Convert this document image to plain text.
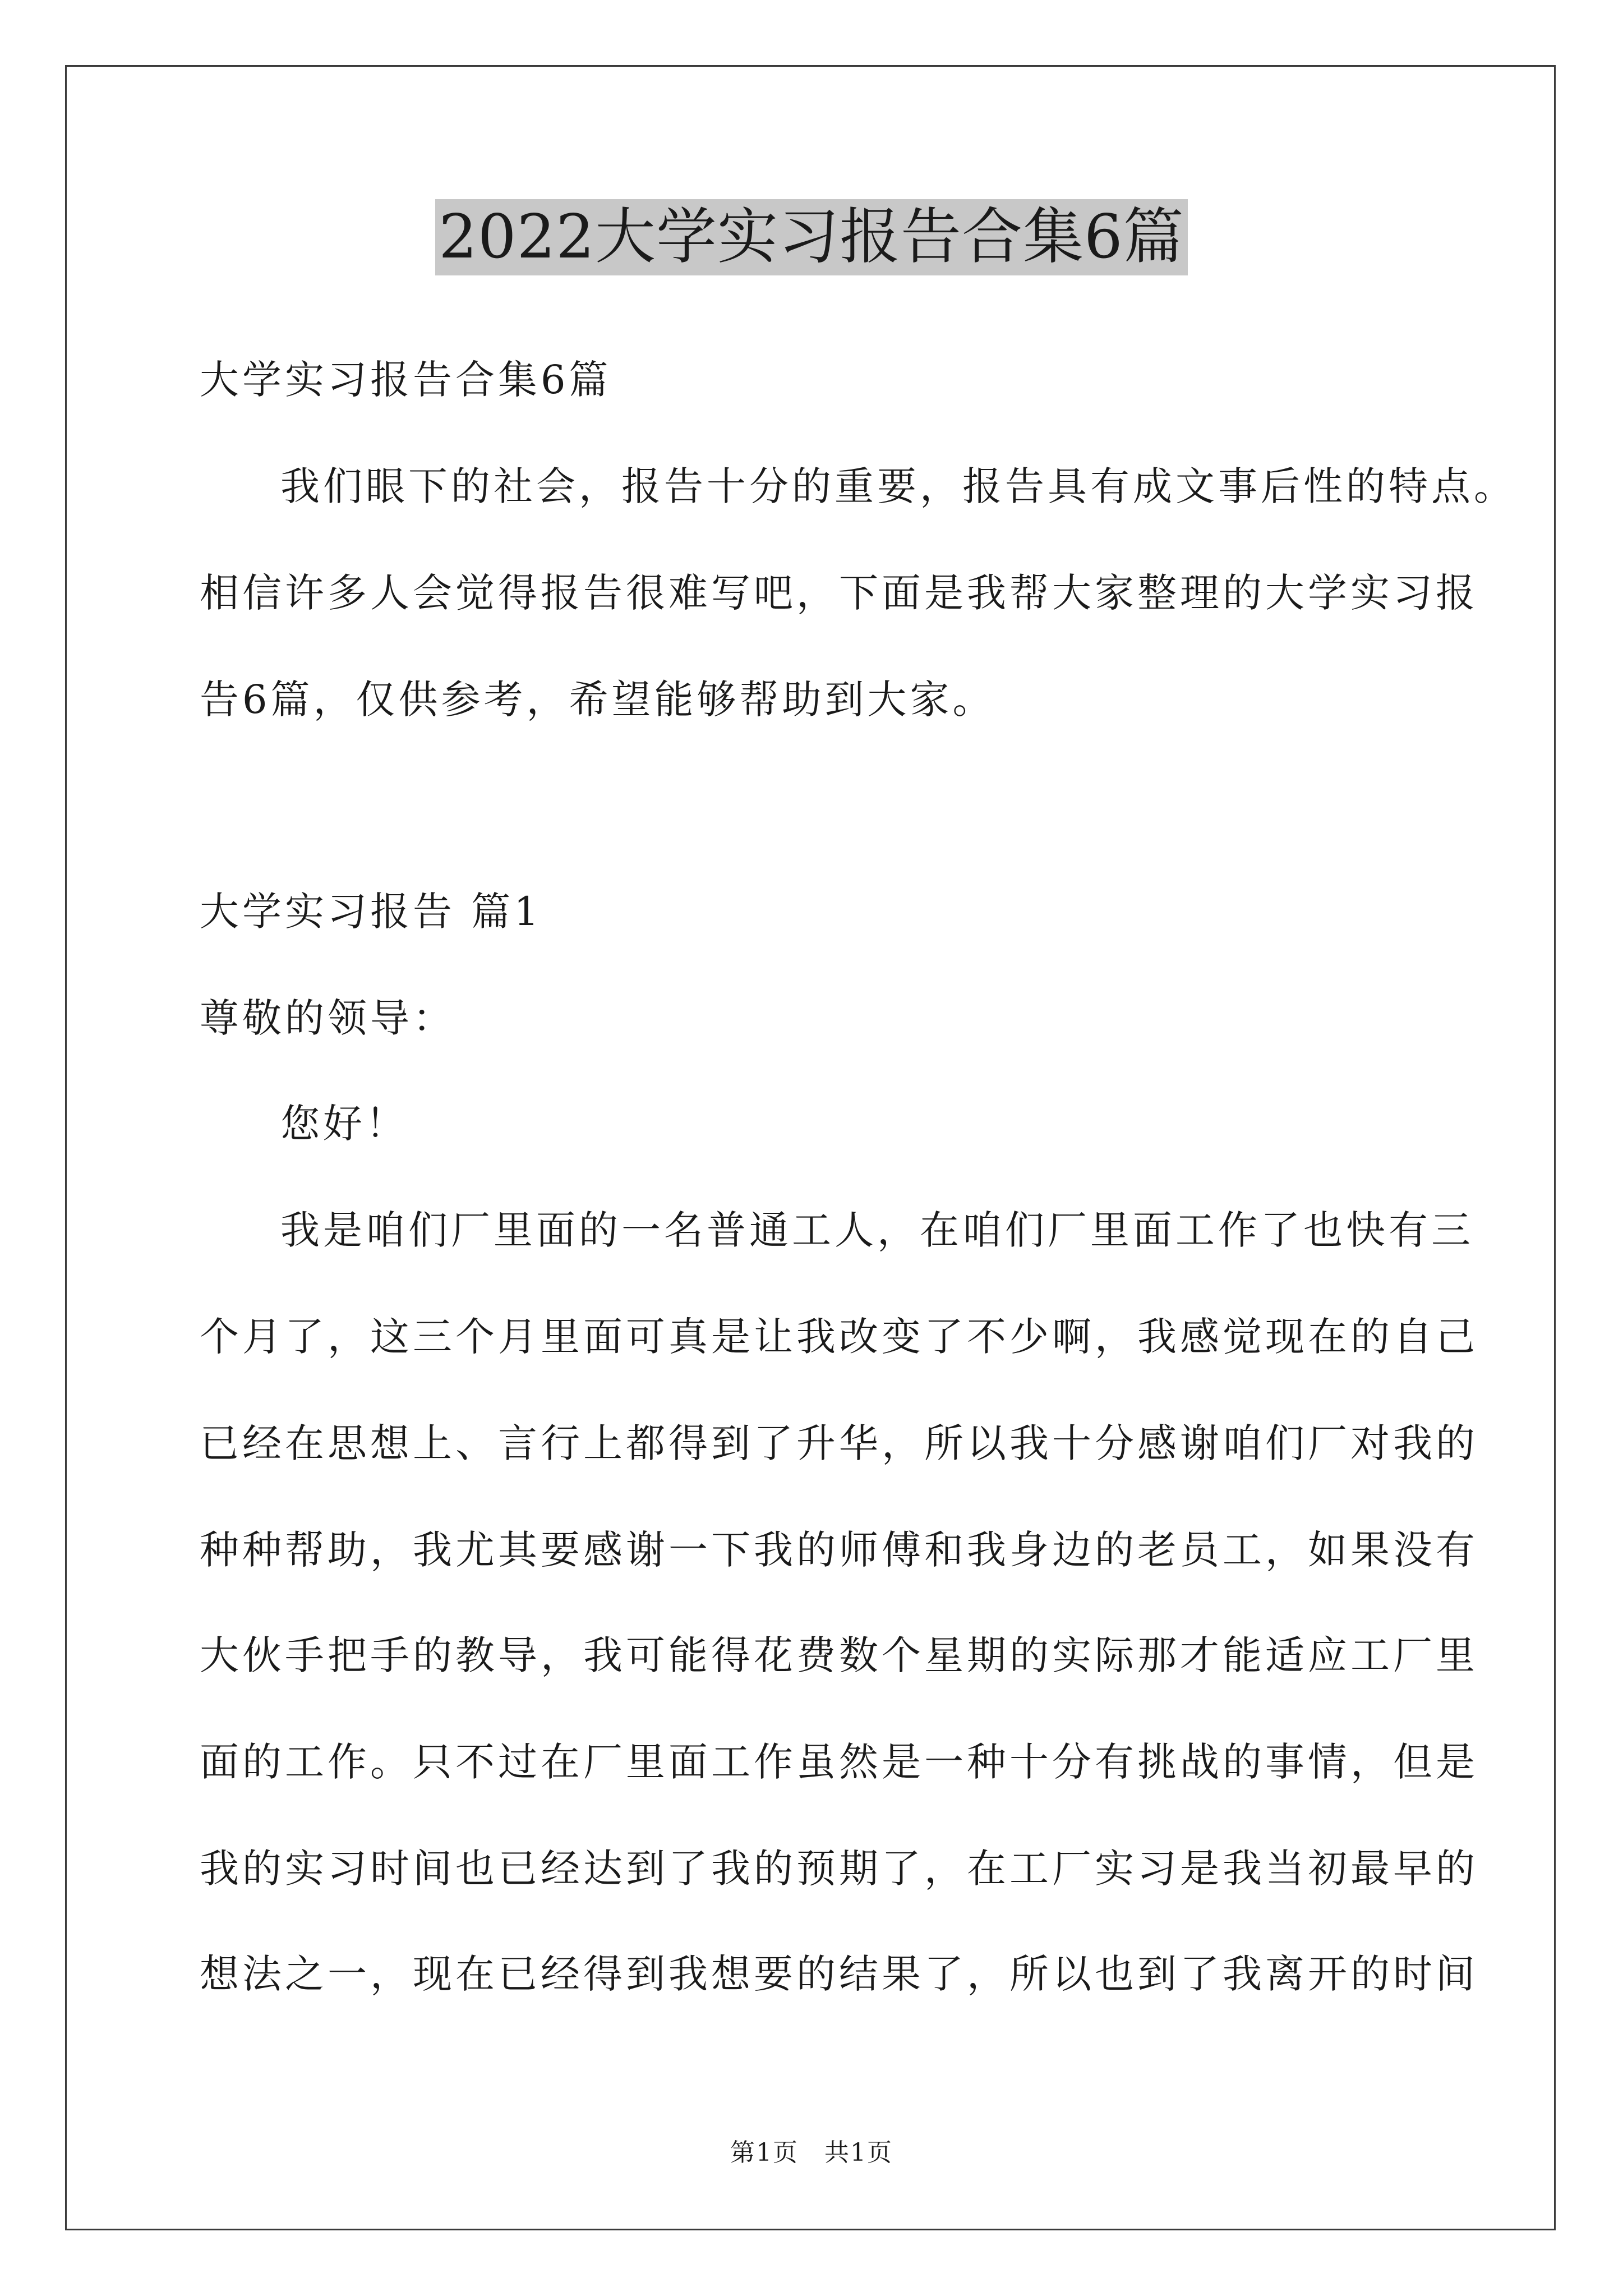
2022大学实习报告合集6篇
大学实习报告合集6篇
我们眼下的社会，报告十分的重要，报告具有成文事后性的特点。
相信许多人会觉得报告很难写吧，下面是我帮大家整理的大学实习报
告6篇，仅供参考，希望能够帮助到大家。
大学实习报告 篇1
尊敬的领导：
您好！
我是咱们厂里面的一名普通工人，在咱们厂里面工作了也快有三
个月了，这三个月里面可真是让我改变了不少啊，我感觉现在的自己
已经在思想上、言行上都得到了升华，所以我十分感谢咱们厂对我的
种种帮助，我尤其要感谢一下我的师傅和我身边的老员工，如果没有
大伙手把手的教导，我可能得花费数个星期的实际那才能适应工厂里
面的工作。只不过在厂里面工作虽然是一种十分有挑战的事情，但是
我的实习时间也已经达到了我的预期了，在工厂实习是我当初最早的
想法之一，现在已经得到我想要的结果了，所以也到了我离开的时间
第1页　共1页
